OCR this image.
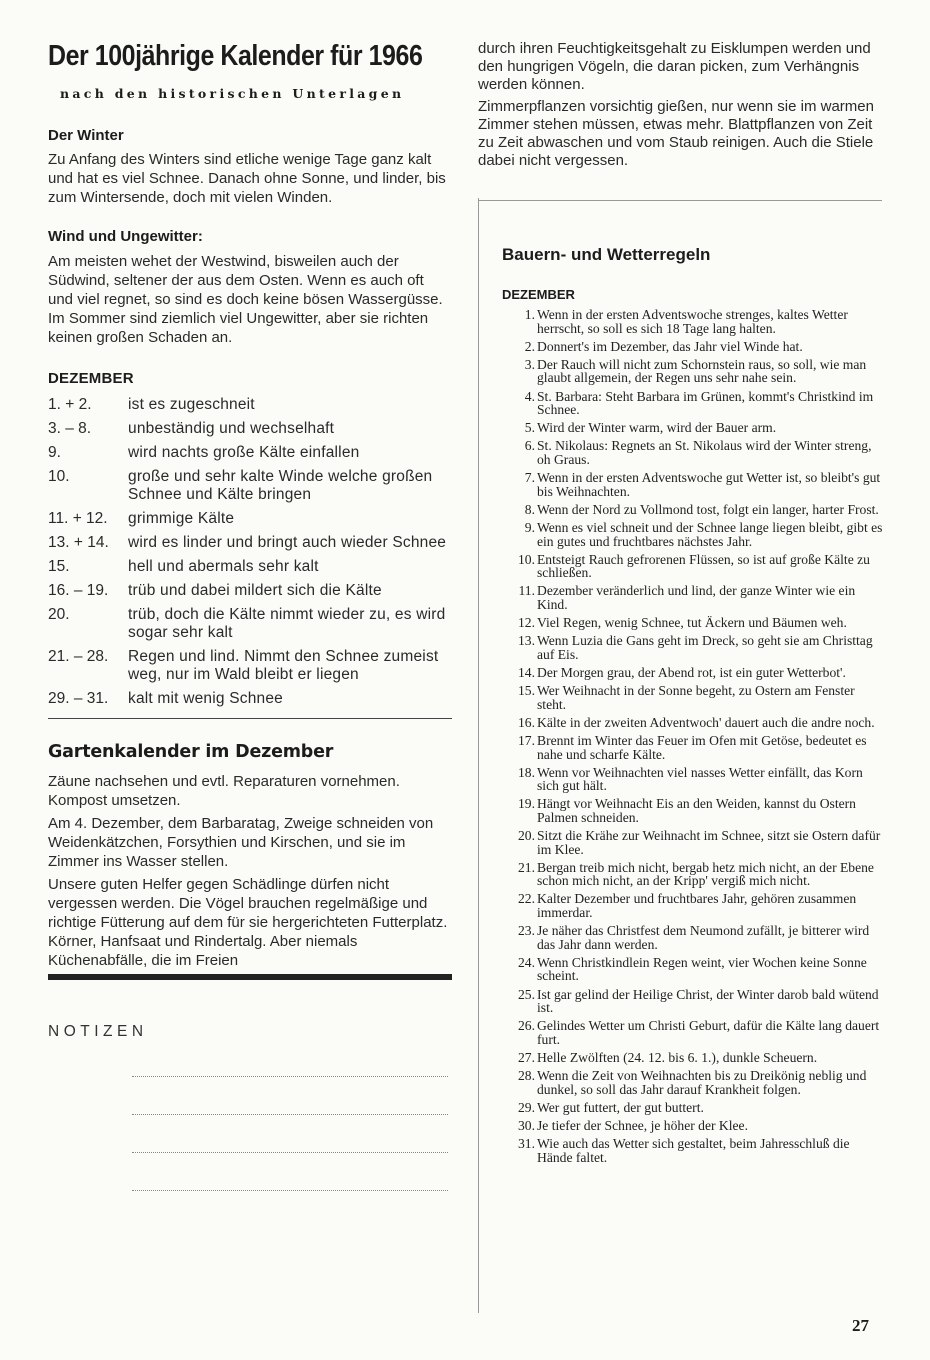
Der 100jährige Kalender für 1966
nach den historischen Unterlagen
Der Winter

Zu Anfang des Winters sind etliche wenige Tage ganz kalt und hat es viel Schnee. Danach ohne Sonne, und linder, bis zum Wintersende, doch mit vielen Winden.

Wind und Ungewitter:

Am meisten wehet der Westwind, bisweilen auch der Südwind, seltener der aus dem Osten. Wenn es auch oft und viel regnet, so sind es doch keine bösen Wassergüsse. Im Sommer sind ziemlich viel Ungewitter, aber sie richten keinen großen Schaden an.

DEZEMBER
1. + 2.	ist es zugeschneit
3. – 8.	unbeständig und wechselhaft
9.	wird nachts große Kälte einfallen
10.	große und sehr kalte Winde welche großen Schnee und Kälte bringen
11. + 12.	grimmige Kälte
13. + 14.	wird es linder und bringt auch wieder Schnee
15.	hell und abermals sehr kalt
16. – 19.	trüb und dabei mildert sich die Kälte
20.	trüb, doch die Kälte nimmt wieder zu, es wird sogar sehr kalt
21. – 28.	Regen und lind. Nimmt den Schnee zumeist weg, nur im Wald bleibt er liegen
29. – 31.	kalt mit wenig Schnee
Gartenkalender im Dezember

Zäune nachsehen und evtl. Reparaturen vornehmen. Kompost umsetzen.

Am 4. Dezember, dem Barbaratag, Zweige schneiden von Weidenkätzchen, Forsythien und Kirschen, und sie im Zimmer ins Wasser stellen.

Unsere guten Helfer gegen Schädlinge dürfen nicht vergessen werden. Die Vögel brauchen regelmäßige und richtige Fütterung auf dem für sie hergerichteten Futterplatz. Körner, Hanfsaat und Rindertalg. Aber niemals Küchenabfälle, die im Freien

NOTIZEN

durch ihren Feuchtigkeitsgehalt zu Eisklumpen werden und den hungrigen Vögeln, die daran picken, zum Verhängnis werden können.

Zimmerpflanzen vorsichtig gießen, nur wenn sie im warmen Zimmer stehen müssen, etwas mehr. Blattpflanzen von Zeit zu Zeit abwaschen und vom Staub reinigen. Auch die Stiele dabei nicht vergessen.

Bauern- und Wetterregeln
DEZEMBER
1. Wenn in der ersten Adventswoche strenges, kaltes Wetter herrscht, so soll es sich 18 Tage lang halten.
2. Donnert's im Dezember, das Jahr viel Winde hat.
3. Der Rauch will nicht zum Schornstein raus, so soll, wie man glaubt allgemein, der Regen uns sehr nahe sein.
4. St. Barbara: Steht Barbara im Grünen, kommt's Christkind im Schnee.
5. Wird der Winter warm, wird der Bauer arm.
6. St. Nikolaus: Regnets an St. Nikolaus wird der Winter streng, oh Graus.
7. Wenn in der ersten Adventswoche gut Wetter ist, so bleibt's gut bis Weihnachten.
8. Wenn der Nord zu Vollmond tost, folgt ein langer, harter Frost.
9. Wenn es viel schneit und der Schnee lange liegen bleibt, gibt es ein gutes und fruchtbares nächstes Jahr.
10. Entsteigt Rauch gefrorenen Flüssen, so ist auf große Kälte zu schließen.
11. Dezember veränderlich und lind, der ganze Winter wie ein Kind.
12. Viel Regen, wenig Schnee, tut Äckern und Bäumen weh.
13. Wenn Luzia die Gans geht im Dreck, so geht sie am Christtag auf Eis.
14. Der Morgen grau, der Abend rot, ist ein guter Wetterbot'.
15. Wer Weihnacht in der Sonne begeht, zu Ostern am Fenster steht.
16. Kälte in der zweiten Adventwoch' dauert auch die andre noch.
17. Brennt im Winter das Feuer im Ofen mit Getöse, bedeutet es nahe und scharfe Kälte.
18. Wenn vor Weihnachten viel nasses Wetter einfällt, das Korn sich gut hält.
19. Hängt vor Weihnacht Eis an den Weiden, kannst du Ostern Palmen schneiden.
20. Sitzt die Krähe zur Weihnacht im Schnee, sitzt sie Ostern dafür im Klee.
21. Bergan treib mich nicht, bergab hetz mich nicht, an der Ebene schon mich nicht, an der Kripp' vergiß mich nicht.
22. Kalter Dezember und fruchtbares Jahr, gehören zusammen immerdar.
23. Je näher das Christfest dem Neumond zufällt, je bitterer wird das Jahr dann werden.
24. Wenn Christkindlein Regen weint, vier Wochen keine Sonne scheint.
25. Ist gar gelind der Heilige Christ, der Winter darob bald wütend ist.
26. Gelindes Wetter um Christi Geburt, dafür die Kälte lang dauert furt.
27. Helle Zwölften (24. 12. bis 6. 1.), dunkle Scheuern.
28. Wenn die Zeit von Weihnachten bis zu Dreikönig neblig und dunkel, so soll das Jahr darauf Krankheit folgen.
29. Wer gut futtert, der gut buttert.
30. Je tiefer der Schnee, je höher der Klee.
31. Wie auch das Wetter sich gestaltet, beim Jahresschluß die Hände faltet.
27
